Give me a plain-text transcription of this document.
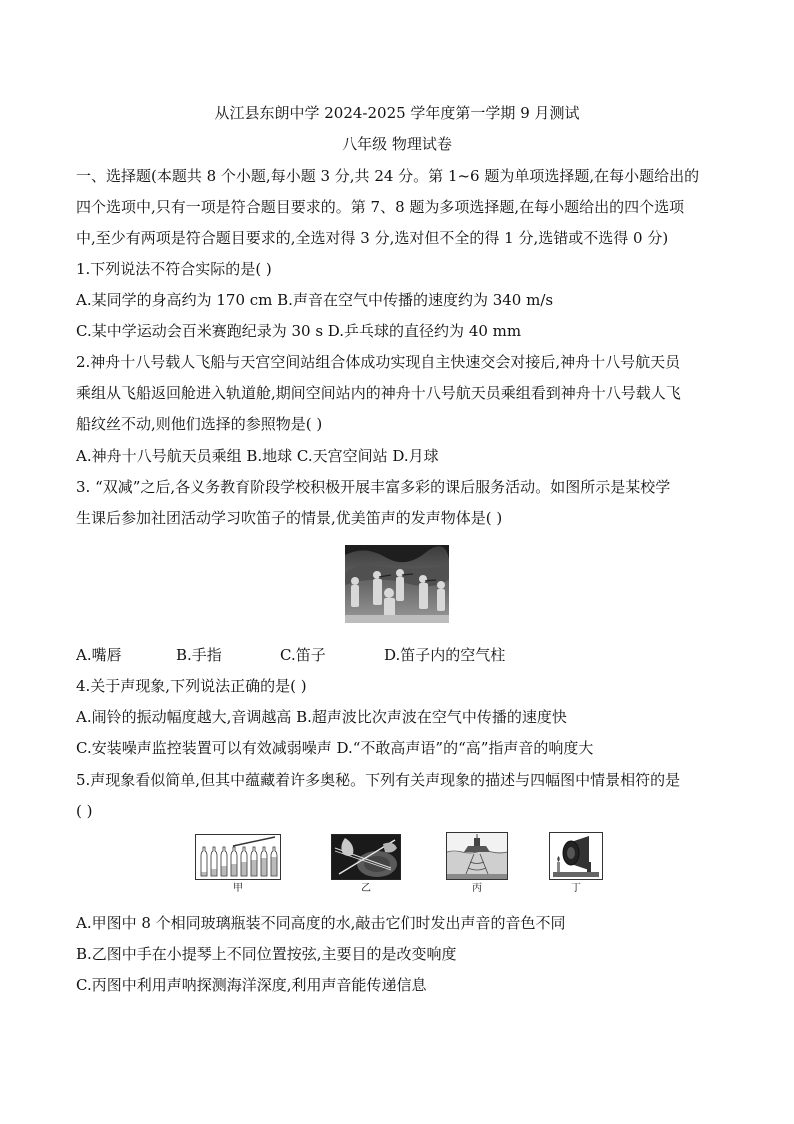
从江县东朗中学 2024-2025 学年度第一学期 9 月测试
八年级 物理试卷
一、选择题(本题共 8 个小题,每小题 3 分,共 24 分。第 1~6 题为单项选择题,在每小题给出的
四个选项中,只有一项是符合题目要求的。第 7、8 题为多项选择题,在每小题给出的四个选项
中,至少有两项是符合题目要求的,全选对得 3 分,选对但不全的得 1 分,选错或不选得 0 分)
1.下列说法不符合实际的是( )
A.某同学的身高约为 170 cm B.声音在空气中传播的速度约为 340 m/s
C.某中学运动会百米赛跑纪录为 30 s D.乒乓球的直径约为 40 mm
2.神舟十八号载人飞船与天宫空间站组合体成功实现自主快速交会对接后,神舟十八号航天员
乘组从飞船返回舱进入轨道舱,期间空间站内的神舟十八号航天员乘组看到神舟十八号载人飞
船纹丝不动,则他们选择的参照物是( )
A.神舟十八号航天员乘组 B.地球 C.天宫空间站 D.月球
3. “双减”之后,各义务教育阶段学校积极开展丰富多彩的课后服务活动。如图所示是某校学
生课后参加社团活动学习吹笛子的情景,优美笛声的发声物体是( )
A.嘴唇	B.手指	C.笛子	D.笛子内的空气柱
4.关于声现象,下列说法正确的是( )
A.闹铃的振动幅度越大,音调越高 B.超声波比次声波在空气中传播的速度快
C.安装噪声监控装置可以有效减弱噪声 D.“不敢高声语”的“高”指声音的响度大
5.声现象看似简单,但其中蕴藏着许多奥秘。下列有关声现象的描述与四幅图中情景相符的是
( )
甲	乙	丙	丁
A.甲图中 8 个相同玻璃瓶装不同高度的水,敲击它们时发出声音的音色不同
B.乙图中手在小提琴上不同位置按弦,主要目的是改变响度
C.丙图中利用声呐探测海洋深度,利用声音能传递信息
